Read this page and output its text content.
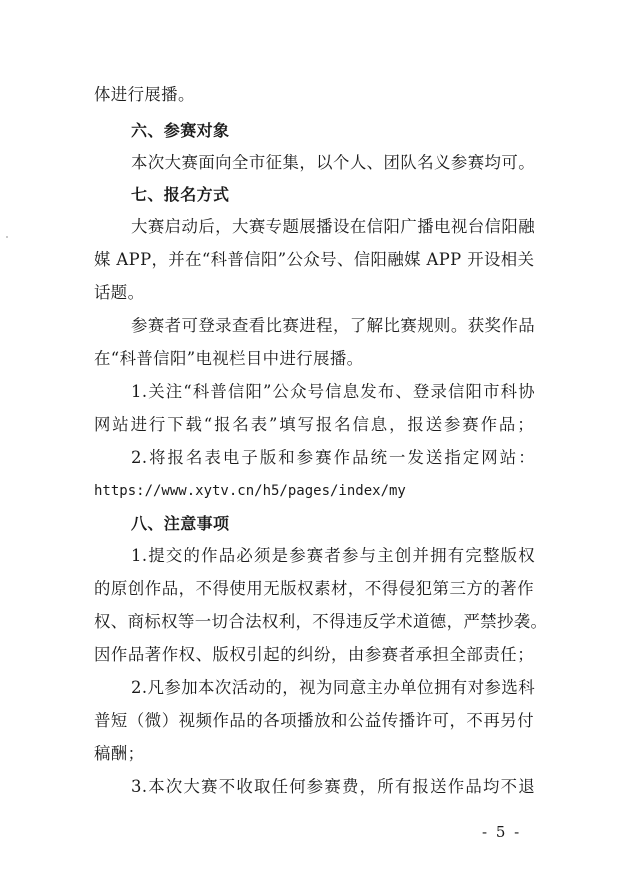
体进行展播。
六、参赛对象
本次大赛面向全市征集，以个人、团队名义参赛均可。
七、报名方式
大赛启动后，大赛专题展播设在信阳广播电视台信阳融
媒 APP，并在“科普信阳”公众号、信阳融媒 APP 开设相关
话题。
参赛者可登录查看比赛进程，了解比赛规则。获奖作品
在“科普信阳”电视栏目中进行展播。
1.关注“科普信阳”公众号信息发布、登录信阳市科协
网站进行下载“报名表”填写报名信息，报送参赛作品；
2.将报名表电子版和参赛作品统一发送指定网站：
https://www.xytv.cn/h5/pages/index/my
八、注意事项
1.提交的作品必须是参赛者参与主创并拥有完整版权
的原创作品，不得使用无版权素材，不得侵犯第三方的著作
权、商标权等一切合法权利，不得违反学术道德，严禁抄袭。
因作品著作权、版权引起的纠纷，由参赛者承担全部责任；
2.凡参加本次活动的，视为同意主办单位拥有对参选科
普短（微）视频作品的各项播放和公益传播许可，不再另付
稿酬；
3.本次大赛不收取任何参赛费，所有报送作品均不退
- 5 -
